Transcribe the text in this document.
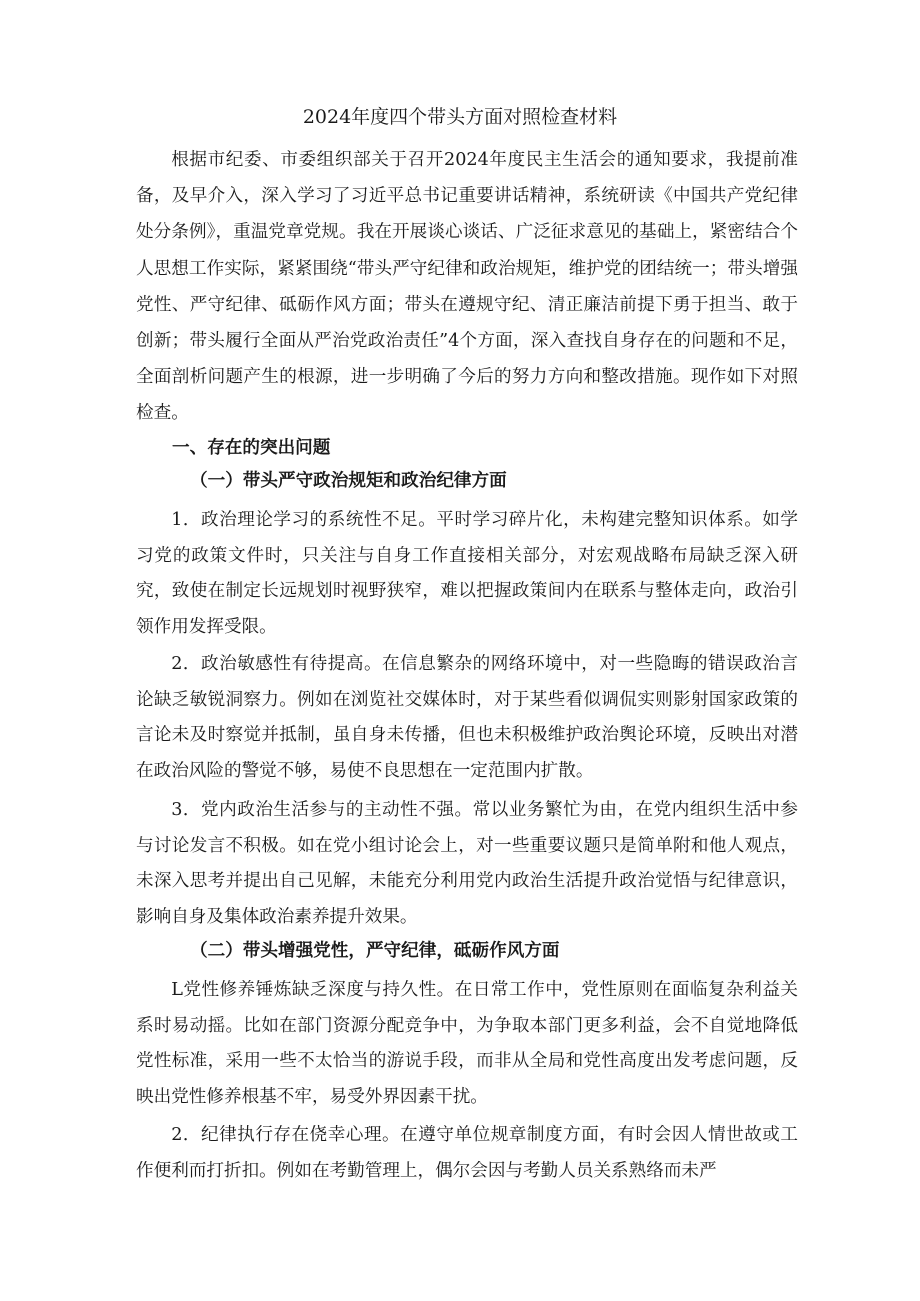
2024年度四个带头方面对照检查材料

根据市纪委、市委组织部关于召开2024年度民主生活会的通知要求，我提前准备，及早介入，深入学习了习近平总书记重要讲话精神，系统研读《中国共产党纪律处分条例》，重温党章党规。我在开展谈心谈话、广泛征求意见的基础上，紧密结合个人思想工作实际，紧紧围绕“带头严守纪律和政治规矩，维护党的团结统一；带头增强党性、严守纪律、砥砺作风方面；带头在遵规守纪、清正廉洁前提下勇于担当、敢于创新；带头履行全面从严治党政治责任”4个方面，深入查找自身存在的问题和不足，全面剖析问题产生的根源，进一步明确了今后的努力方向和整改措施。现作如下对照检查。

一、存在的突出问题
（一）带头严守政治规矩和政治纪律方面

1．政治理论学习的系统性不足。平时学习碎片化，未构建完整知识体系。如学习党的政策文件时，只关注与自身工作直接相关部分，对宏观战略布局缺乏深入研究，致使在制定长远规划时视野狭窄，难以把握政策间内在联系与整体走向，政治引领作用发挥受限。

2．政治敏感性有待提高。在信息繁杂的网络环境中，对一些隐晦的错误政治言论缺乏敏锐洞察力。例如在浏览社交媒体时，对于某些看似调侃实则影射国家政策的言论未及时察觉并抵制，虽自身未传播，但也未积极维护政治舆论环境，反映出对潜在政治风险的警觉不够，易使不良思想在一定范围内扩散。

3．党内政治生活参与的主动性不强。常以业务繁忙为由，在党内组织生活中参与讨论发言不积极。如在党小组讨论会上，对一些重要议题只是简单附和他人观点，未深入思考并提出自己见解，未能充分利用党内政治生活提升政治觉悟与纪律意识，影响自身及集体政治素养提升效果。

（二）带头增强党性，严守纪律，砥砺作风方面

L党性修养锤炼缺乏深度与持久性。在日常工作中，党性原则在面临复杂利益关系时易动摇。比如在部门资源分配竞争中，为争取本部门更多利益，会不自觉地降低党性标准，采用一些不太恰当的游说手段，而非从全局和党性高度出发考虑问题，反映出党性修养根基不牢，易受外界因素干扰。

2．纪律执行存在侥幸心理。在遵守单位规章制度方面，有时会因人情世故或工作便利而打折扣。例如在考勤管理上，偶尔会因与考勤人员关系熟络而未严
